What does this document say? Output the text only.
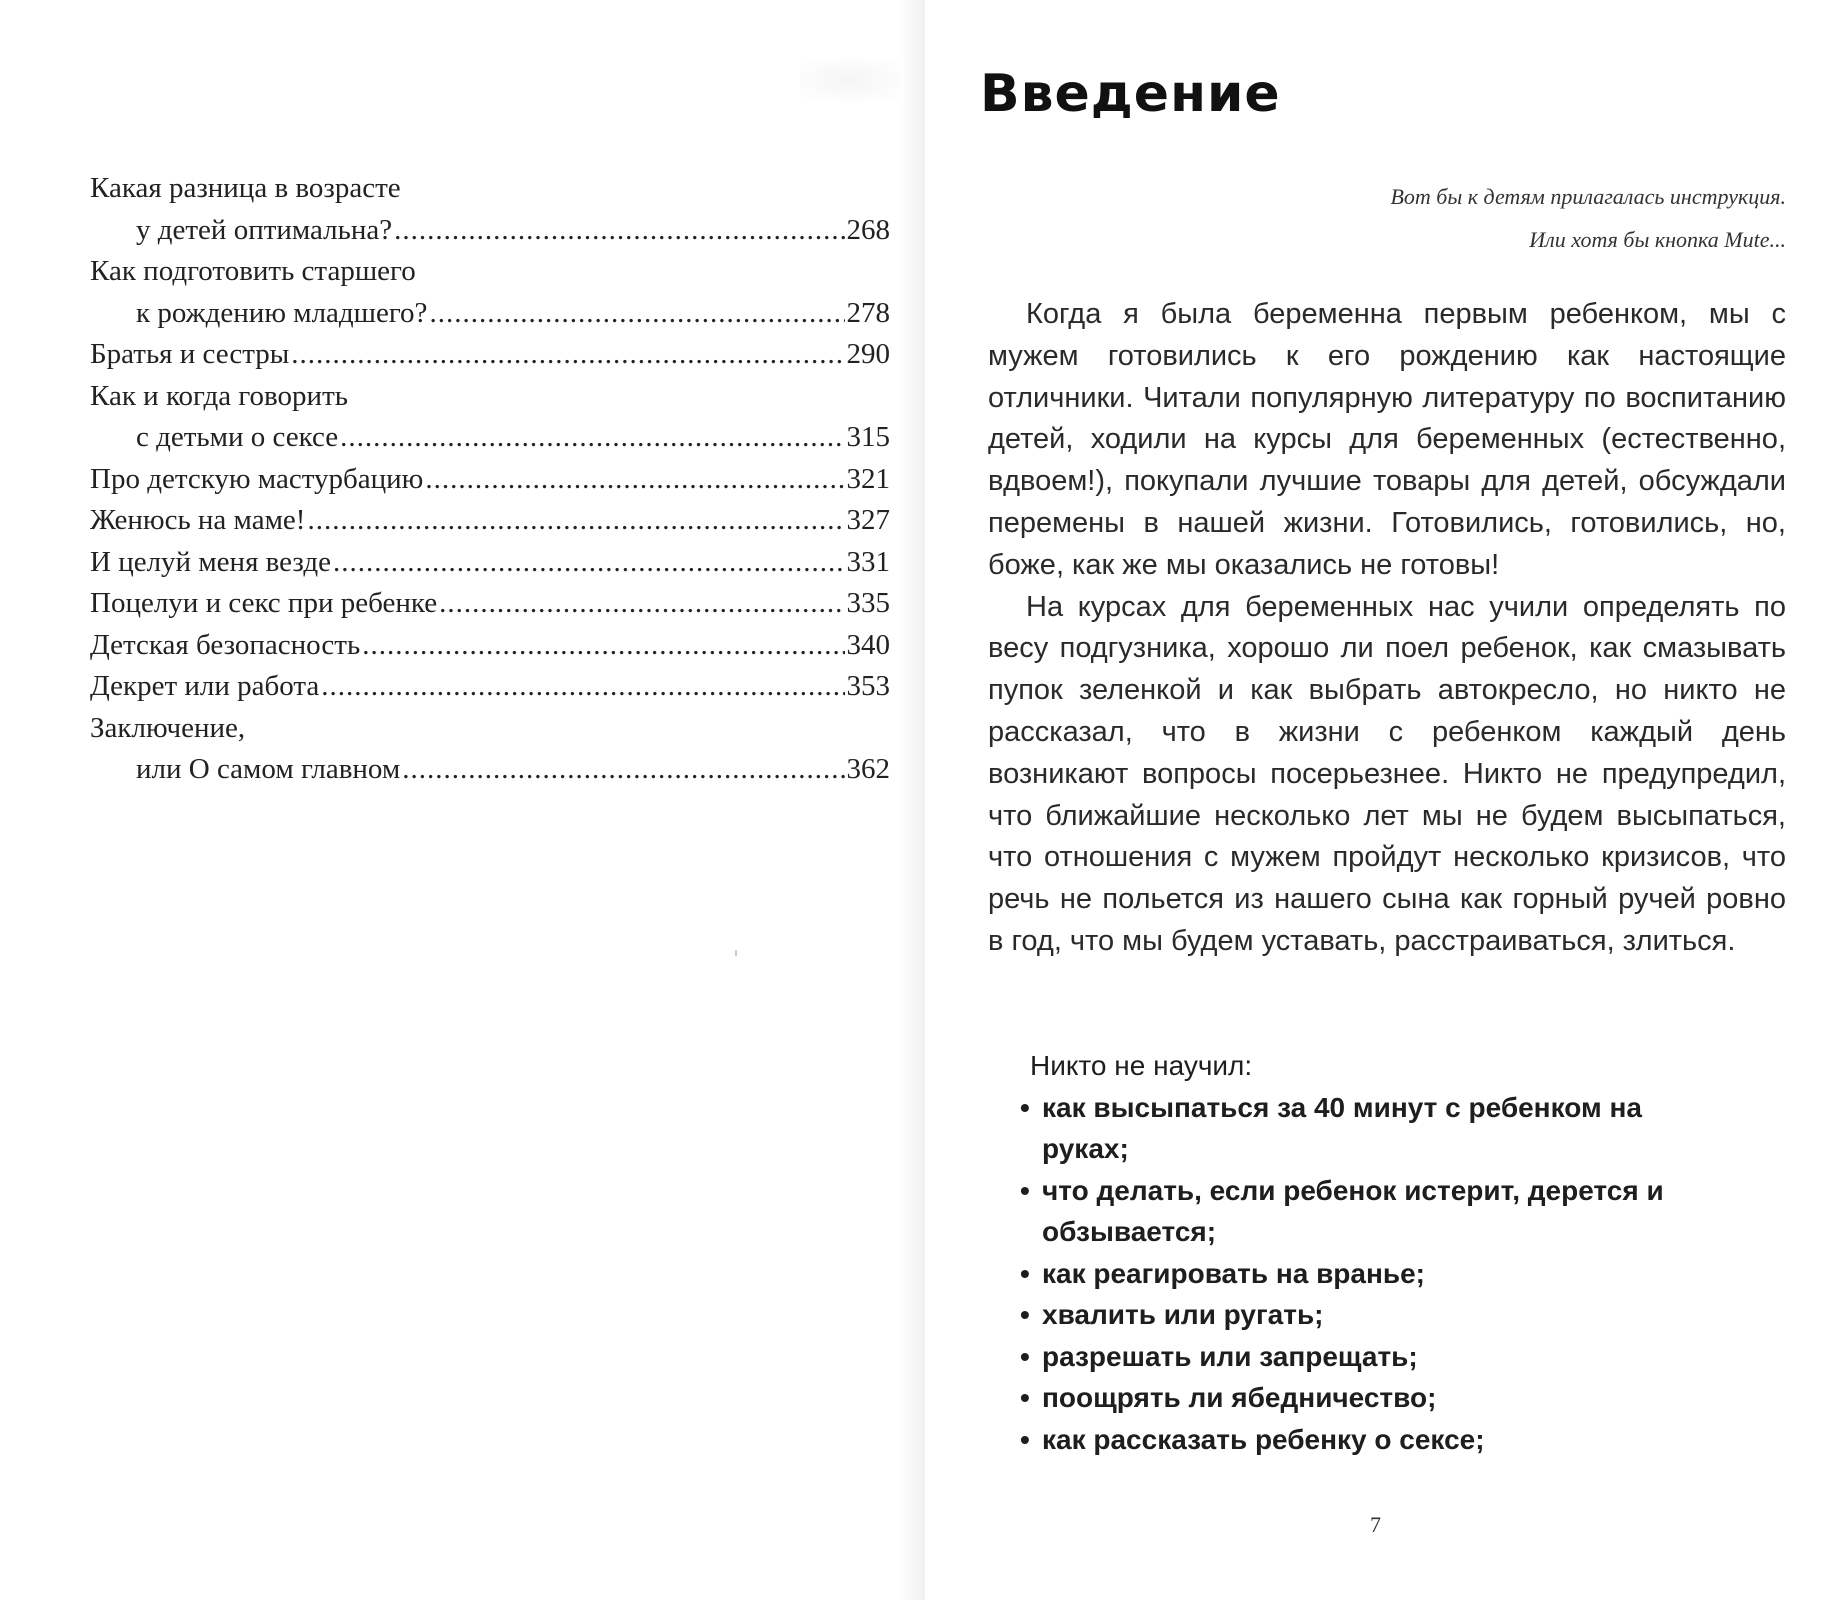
Какая разница в возрасте
у детей оптимальна? .....	268
Как подготовить старшего
к рождению младшего? .....	278
Братья и сестры .....	290
Как и когда говорить
с детьми о сексе .....	315
Про детскую мастурбацию .....	321
Женюсь на маме! .....	327
И целуй меня везде .....	331
Поцелуи и секс при ребенке .....	335
Детская безопасность .....	340
Декрет или работа .....	353
Заключение,
или О самом главном .....	362
Введение
Вот бы к детям прилагалась инструкция.
Или хотя бы кнопка Mute...

Когда я была беременна первым ребенком, мы с мужем готовились к его рождению как настоящие отличники. Читали популярную литературу по воспитанию детей, ходили на курсы для беременных (естественно, вдвоем!), покупали лучшие товары для детей, обсуждали перемены в нашей жизни. Готовились, готовились, но, боже, как же мы оказались не готовы!

На курсах для беременных нас учили определять по весу подгузника, хорошо ли поел ребенок, как смазывать пупок зеленкой и как выбрать автокресло, но никто не рассказал, что в жизни с ребенком каждый день возникают вопросы посерьезнее. Никто не предупредил, что ближайшие несколько лет мы не будем высыпаться, что отношения с мужем пройдут несколько кризисов, что речь не польется из нашего сына как горный ручей ровно в год, что мы будем уставать, расстраиваться, злиться.

Никто не научил:
• как высыпаться за 40 минут с ребенком на руках;
• что делать, если ребенок истерит, дерется и обзывается;
• как реагировать на вранье;
• хвалить или ругать;
• разрешать или запрещать;
• поощрять ли ябедничество;
• как рассказать ребенку о сексе;
7
